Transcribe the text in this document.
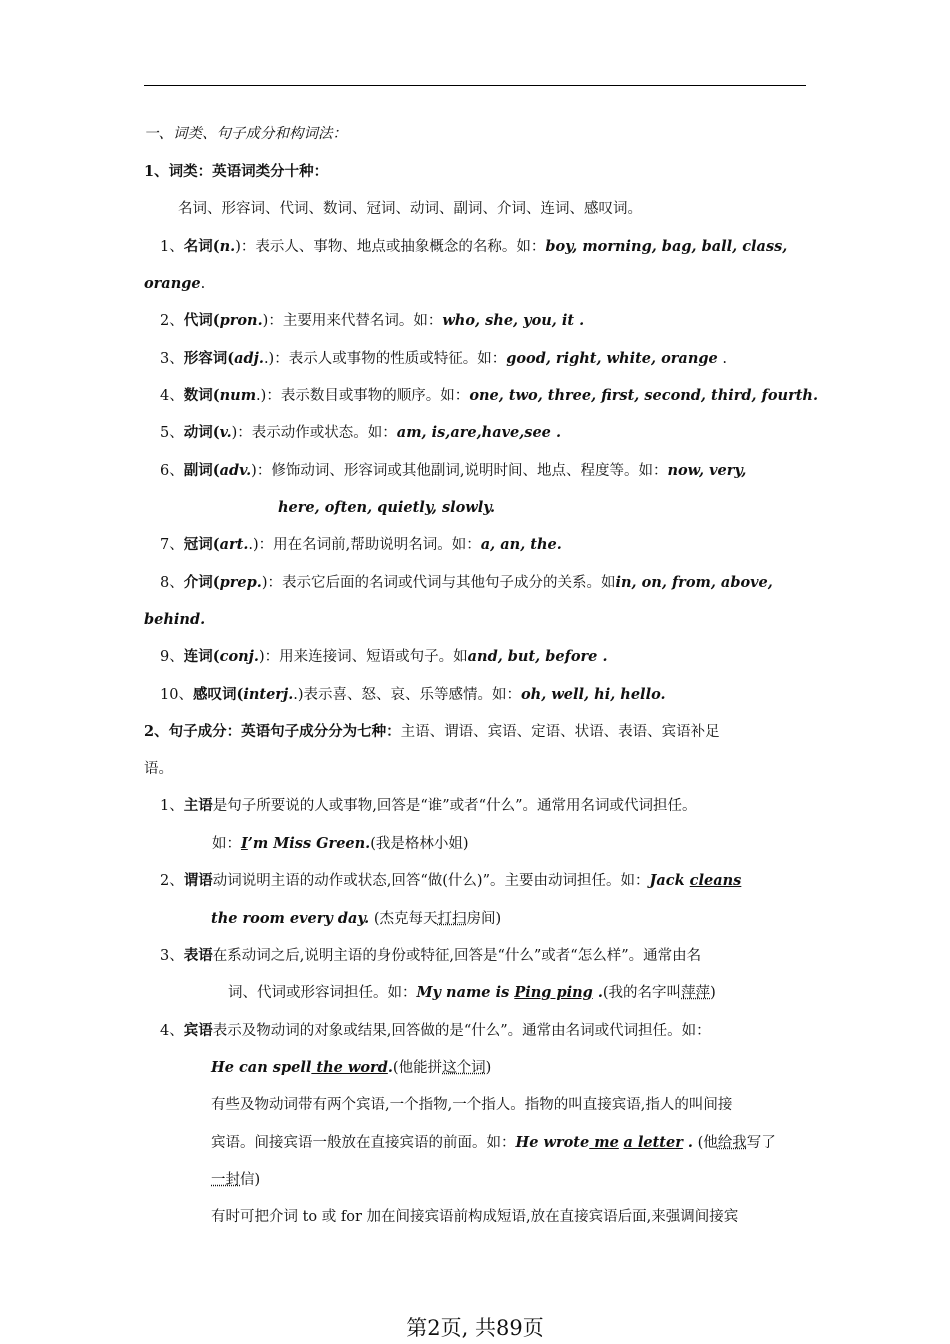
一、词类、句子成分和构词法：
1、词类：英语词类分十种：
名词、形容词、代词、数词、冠词、动词、副词、介词、连词、感叹词。
1、名词(n.)：表示人、事物、地点或抽象概念的名称。如：boy, morning, bag, ball, class,
orange.
2、代词(pron.)：主要用来代替名词。如：who, she, you, it .
3、形容词(adj..)：表示人或事物的性质或特征。如：good, right, white, orange .
4、数词(num.)：表示数目或事物的顺序。如：one, two, three, first, second, third, fourth.
5、动词(v.)：表示动作或状态。如：am, is,are,have,see .
6、副词(adv.)：修饰动词、形容词或其他副词,说明时间、地点、程度等。如：now, very,
here, often, quietly, slowly.
7、冠词(art..)：用在名词前,帮助说明名词。如：a, an, the.
8、介词(prep.)：表示它后面的名词或代词与其他句子成分的关系。如in, on, from, above,
behind.
9、连词(conj.)：用来连接词、短语或句子。如and, but, before .
10、感叹词(interj..)表示喜、怒、哀、乐等感情。如：oh, well, hi, hello.
2、句子成分：英语句子成分分为七种：主语、谓语、宾语、定语、状语、表语、宾语补足
语。
1、主语是句子所要说的人或事物,回答是“谁”或者“什么”。通常用名词或代词担任。
如：I’m Miss Green.(我是格林小姐)
2、谓语动词说明主语的动作或状态,回答“做(什么)”。主要由动词担任。如：Jack cleans
the room every day. (杰克每天打扫房间)
3、表语在系动词之后,说明主语的身份或特征,回答是“什么”或者“怎么样”。通常由名
词、代词或形容词担任。如：My name is Ping ping .(我的名字叫萍萍)
4、宾语表示及物动词的对象或结果,回答做的是“什么”。通常由名词或代词担任。如：
He can spell the word.(他能拼这个词)
有些及物动词带有两个宾语,一个指物,一个指人。指物的叫直接宾语,指人的叫间接
宾语。间接宾语一般放在直接宾语的前面。如：He wrote me a letter . (他给我写了
一封信)
有时可把介词 to 或 for 加在间接宾语前构成短语,放在直接宾语后面,来强调间接宾
第2页, 共89页
